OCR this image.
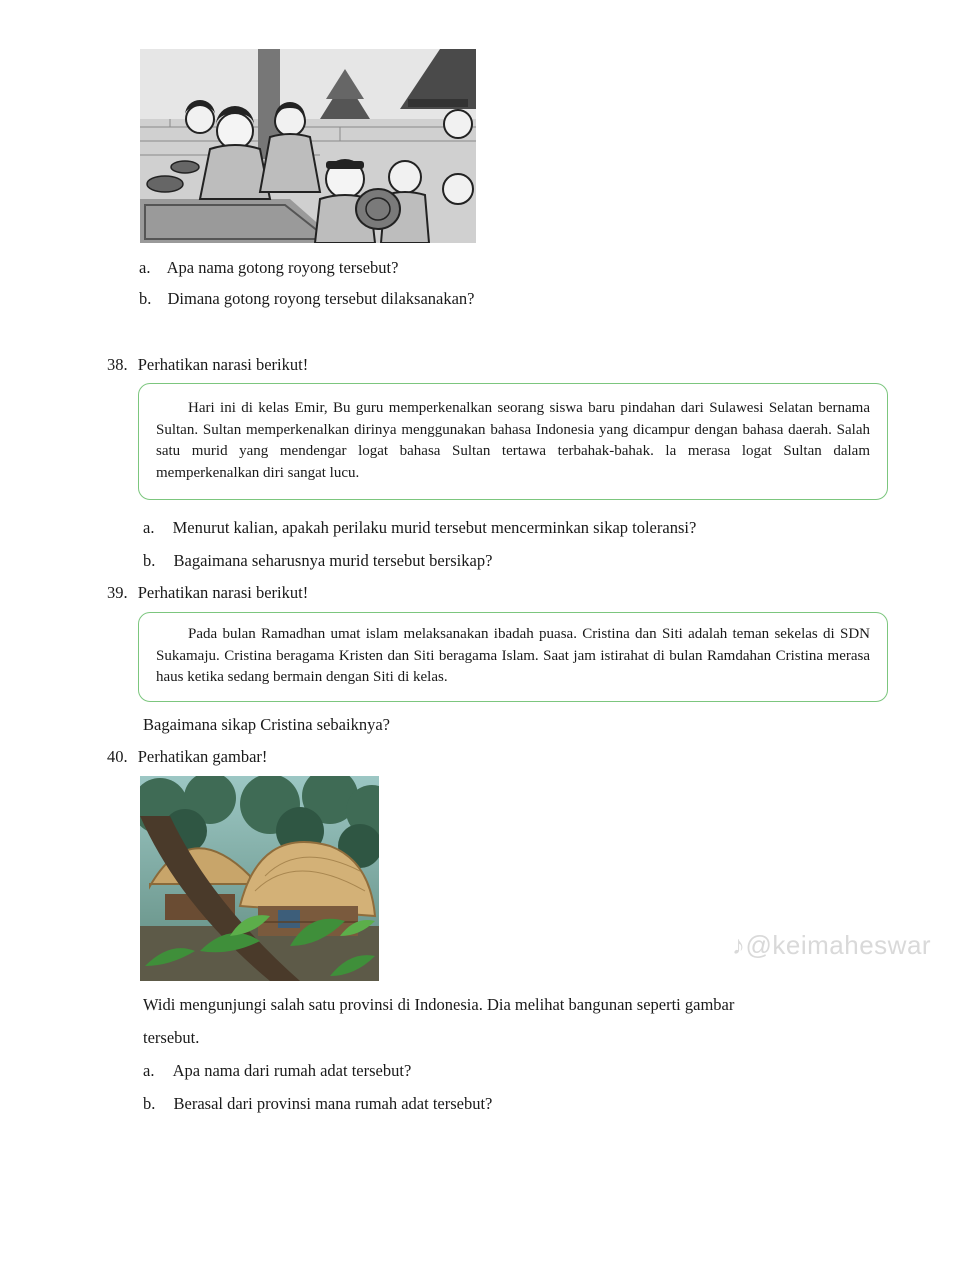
a. Apa nama gotong royong tersebut?
b. Dimana gotong royong tersebut dilaksanakan?
38. Perhatikan narasi berikut!

Hari ini di kelas Emir, Bu guru memperkenalkan seorang siswa baru pindahan dari Sulawesi Selatan bernama Sultan. Sultan memperkenalkan dirinya menggunakan bahasa Indonesia yang dicampur dengan bahasa daerah. Salah satu murid yang mendengar logat bahasa Sultan tertawa terbahak-bahak. la merasa logat Sultan dalam memperkenalkan diri sangat lucu.

a. Menurut kalian, apakah perilaku murid tersebut mencerminkan sikap toleransi?
b. Bagaimana seharusnya murid tersebut bersikap?
39. Perhatikan narasi berikut!

Pada bulan Ramadhan umat islam melaksanakan ibadah puasa. Cristina dan Siti adalah teman sekelas di SDN Sukamaju. Cristina beragama Kristen dan Siti beragama Islam. Saat jam istirahat di bulan Ramdahan Cristina merasa haus ketika sedang bermain dengan Siti di kelas.

Bagaimana sikap Cristina sebaiknya?
40. Perhatikan gambar!
♪@keimaheswar
Widi mengunjungi salah satu provinsi di Indonesia. Dia melihat bangunan seperti gambar
tersebut.
a. Apa nama dari rumah adat tersebut?
b. Berasal dari provinsi mana rumah adat tersebut?
